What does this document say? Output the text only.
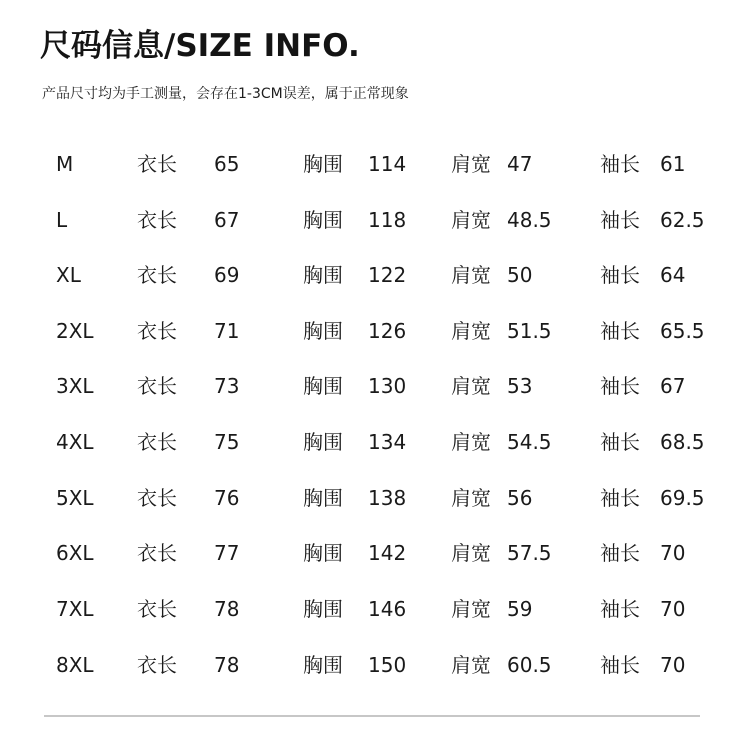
尺码信息/SIZE INFO.
产品尺寸均为手工测量，会存在1-3CM误差，属于正常现象
M	衣长 65	胸围 114 肩宽 47	袖长 61
L	衣长 67	胸围 118 肩宽 48.5 袖长 62.5
XL	衣长 69	胸围 122 肩宽 50	袖长 64
2XL 衣长 71	胸围 126 肩宽 51.5 袖长 65.5
3XL 衣长 73	胸围 130 肩宽 53	袖长 67
4XL 衣长 75	胸围 134 肩宽 54.5 袖长 68.5
5XL 衣长 76	胸围 138 肩宽 56	袖长 69.5
6XL 衣长 77	胸围 142 肩宽 57.5 袖长 70
7XL 衣长 78	胸围 146 肩宽 59	袖长 70
8XL 衣长 78	胸围 150 肩宽 60.5 袖长 70
